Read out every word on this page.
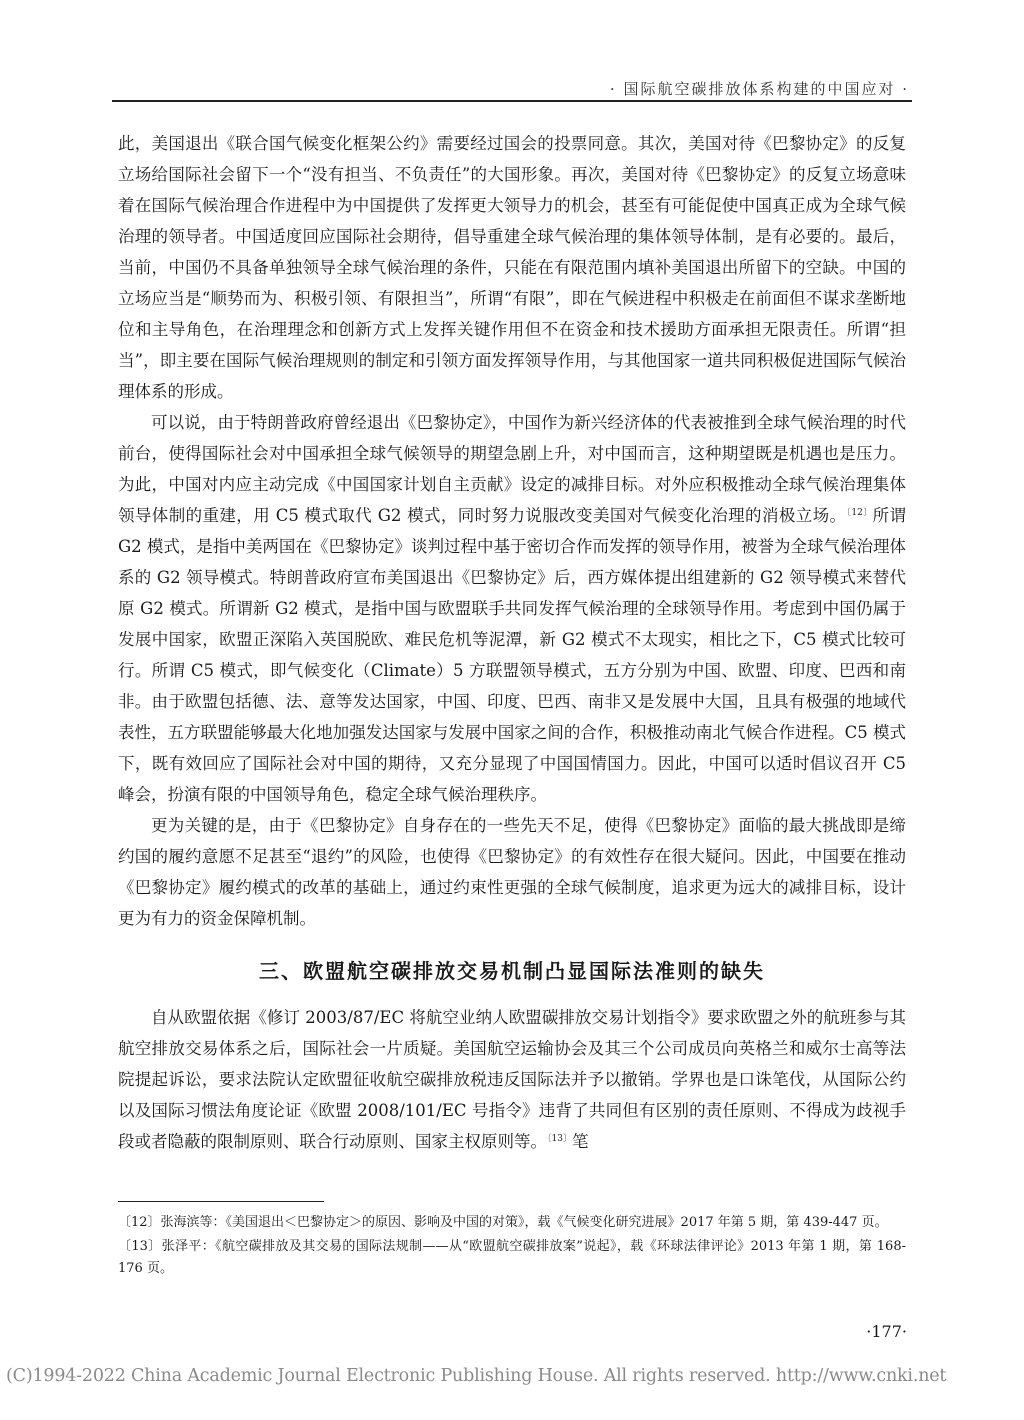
· 国际航空碳排放体系构建的中国应对 ·

此，美国退出《联合国气候变化框架公约》需要经过国会的投票同意。其次，美国对待《巴黎协定》的反复立场给国际社会留下一个“没有担当、不负责任”的大国形象。再次，美国对待《巴黎协定》的反复立场意味着在国际气候治理合作进程中为中国提供了发挥更大领导力的机会，甚至有可能促使中国真正成为全球气候治理的领导者。中国适度回应国际社会期待，倡导重建全球气候治理的集体领导体制，是有必要的。最后，当前，中国仍不具备单独领导全球气候治理的条件，只能在有限范围内填补美国退出所留下的空缺。中国的立场应当是“顺势而为、积极引领、有限担当”，所谓“有限”，即在气候进程中积极走在前面但不谋求垄断地位和主导角色，在治理理念和创新方式上发挥关键作用但不在资金和技术援助方面承担无限责任。所谓“担当”，即主要在国际气候治理规则的制定和引领方面发挥领导作用，与其他国家一道共同积极促进国际气候治理体系的形成。

可以说，由于特朗普政府曾经退出《巴黎协定》，中国作为新兴经济体的代表被推到全球气候治理的时代前台，使得国际社会对中国承担全球气候领导的期望急剧上升，对中国而言，这种期望既是机遇也是压力。为此，中国对内应主动完成《中国国家计划自主贡献》设定的减排目标。对外应积极推动全球气候治理集体领导体制的重建，用 C5 模式取代 G2 模式，同时努力说服改变美国对气候变化治理的消极立场。$^{〔12〕}$所谓 G2 模式，是指中美两国在《巴黎协定》谈判过程中基于密切合作而发挥的领导作用，被誉为全球气候治理体系的 G2 领导模式。特朗普政府宣布美国退出《巴黎协定》后，西方媒体提出组建新的 G2 领导模式来替代原 G2 模式。所谓新 G2 模式，是指中国与欧盟联手共同发挥气候治理的全球领导作用。考虑到中国仍属于发展中国家，欧盟正深陷入英国脱欧、难民危机等泥潭，新 G2 模式不太现实，相比之下，C5 模式比较可行。所谓 C5 模式，即气候变化（Climate）5 方联盟领导模式，五方分别为中国、欧盟、印度、巴西和南非。由于欧盟包括德、法、意等发达国家，中国、印度、巴西、南非又是发展中大国，且具有极强的地域代表性，五方联盟能够最大化地加强发达国家与发展中国家之间的合作，积极推动南北气候合作进程。C5 模式下，既有效回应了国际社会对中国的期待，又充分显现了中国国情国力。因此，中国可以适时倡议召开 C5 峰会，扮演有限的中国领导角色，稳定全球气候治理秩序。

更为关键的是，由于《巴黎协定》自身存在的一些先天不足，使得《巴黎协定》面临的最大挑战即是缔约国的履约意愿不足甚至“退约”的风险，也使得《巴黎协定》的有效性存在很大疑问。因此，中国要在推动《巴黎协定》履约模式的改革的基础上，通过约束性更强的全球气候制度，追求更为远大的减排目标，设计更为有力的资金保障机制。

三、欧盟航空碳排放交易机制凸显国际法准则的缺失

自从欧盟依据《修订 2003/87/EC 将航空业纳人欧盟碳排放交易计划指令》要求欧盟之外的航班参与其航空排放交易体系之后，国际社会一片质疑。美国航空运输协会及其三个公司成员向英格兰和威尔士高等法院提起诉讼，要求法院认定欧盟征收航空碳排放税违反国际法并予以撤销。学界也是口诛笔伐，从国际公约以及国际习惯法角度论证《欧盟 2008/101/EC 号指令》违背了共同但有区别的责任原则、不得成为歧视手段或者隐蔽的限制原则、联合行动原则、国家主权原则等。$^{〔13〕}$笔

〔12〕张海滨等：《美国退出＜巴黎协定＞的原因、影响及中国的对策》，载《气候变化研究进展》2017 年第 5 期，第 439-447 页。

〔13〕张泽平：《航空碳排放及其交易的国际法规制——从“欧盟航空碳排放案”说起》，载《环球法律评论》2013 年第 1 期，第 168-176 页。

·177·
(C)1994-2022 China Academic Journal Electronic Publishing House. All rights reserved. http://www.cnki.net
